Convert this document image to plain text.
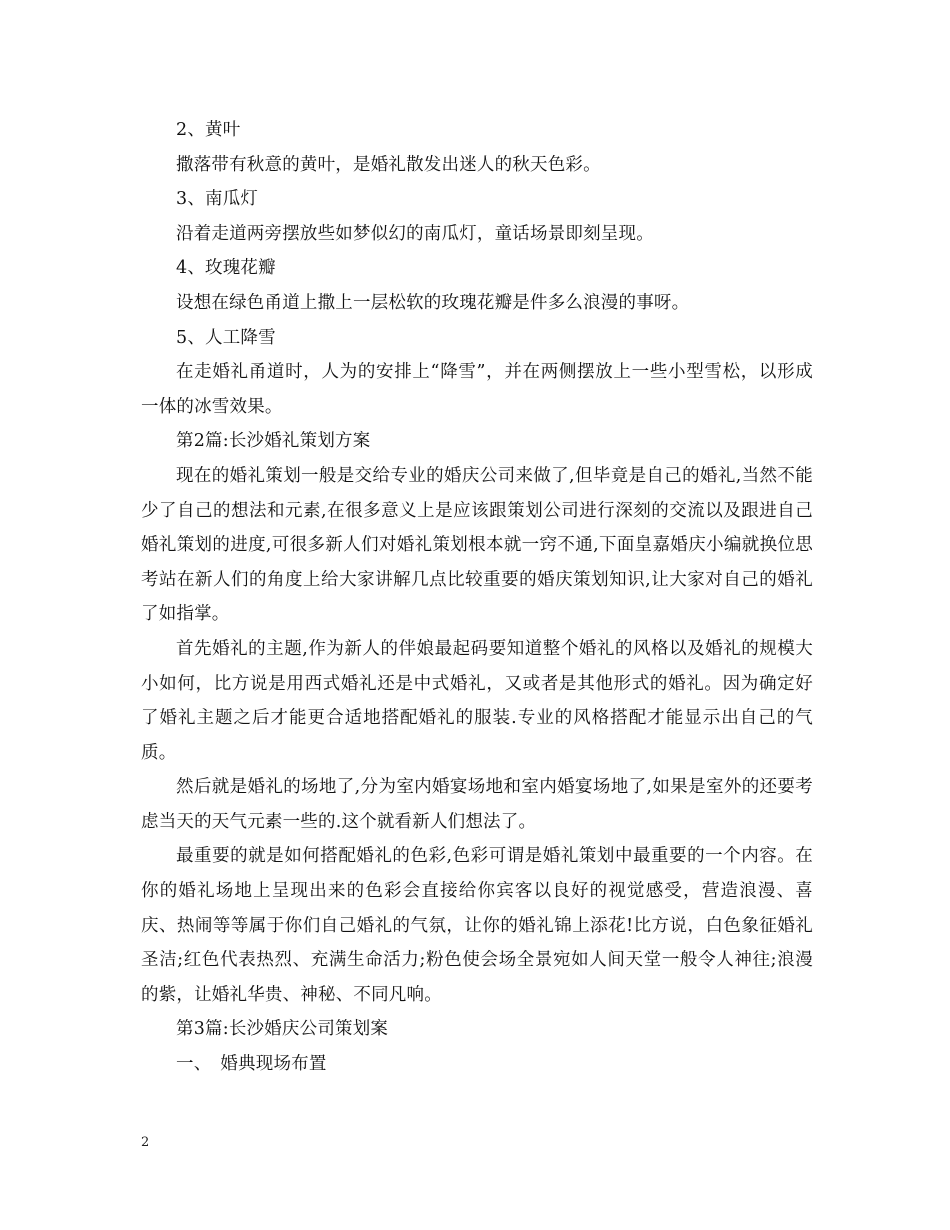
2、黄叶

撒落带有秋意的黄叶，是婚礼散发出迷人的秋天色彩。

3、南瓜灯

沿着走道两旁摆放些如梦似幻的南瓜灯，童话场景即刻呈现。

4、玫瑰花瓣

设想在绿色甬道上撒上一层松软的玫瑰花瓣是件多么浪漫的事呀。

5、人工降雪

在走婚礼甬道时，人为的安排上“降雪”，并在两侧摆放上一些小型雪松，以形成一体的冰雪效果。

第2篇:长沙婚礼策划方案

现在的婚礼策划一般是交给专业的婚庆公司来做了,但毕竟是自己的婚礼,当然不能少了自己的想法和元素,在很多意义上是应该跟策划公司进行深刻的交流以及跟进自己婚礼策划的进度,可很多新人们对婚礼策划根本就一窍不通,下面皇嘉婚庆小编就换位思考站在新人们的角度上给大家讲解几点比较重要的婚庆策划知识,让大家对自己的婚礼了如指掌。

首先婚礼的主题,作为新人的伴娘最起码要知道整个婚礼的风格以及婚礼的规模大小如何，比方说是用西式婚礼还是中式婚礼，又或者是其他形式的婚礼。因为确定好了婚礼主题之后才能更合适地搭配婚礼的服装.专业的风格搭配才能显示出自己的气质。

然后就是婚礼的场地了,分为室内婚宴场地和室内婚宴场地了,如果是室外的还要考虑当天的天气元素一些的.这个就看新人们想法了。

最重要的就是如何搭配婚礼的色彩,色彩可谓是婚礼策划中最重要的一个内容。在你的婚礼场地上呈现出来的色彩会直接给你宾客以良好的视觉感受，营造浪漫、喜庆、热闹等等属于你们自己婚礼的气氛，让你的婚礼锦上添花!比方说，白色象征婚礼圣洁;红色代表热烈、充满生命活力;粉色使会场全景宛如人间天堂一般令人神往;浪漫的紫，让婚礼华贵、神秘、不同凡响。

第3篇:长沙婚庆公司策划案

一、　婚典现场布置

2
